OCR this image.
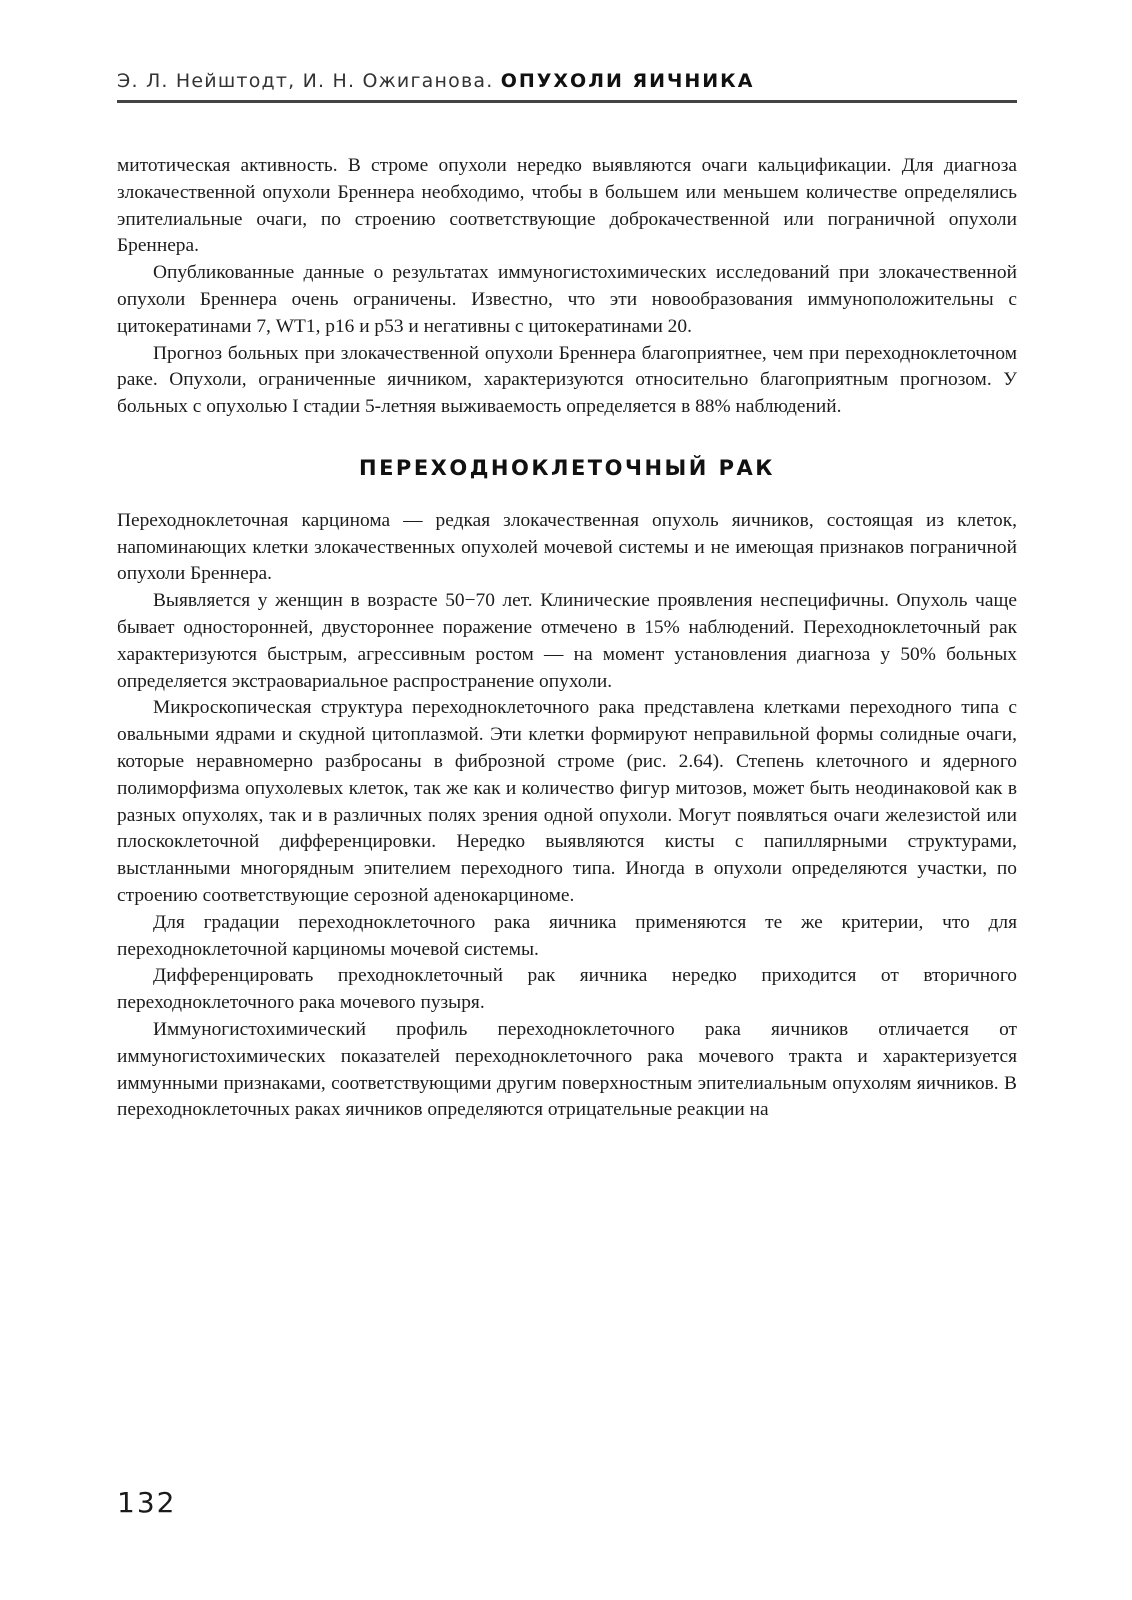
Э. Л. Нейштодт, И. Н. Ожиганова. ОПУХОЛИ ЯИЧНИКА

митотическая активность. В строме опухоли нередко выявляются очаги кальцификации. Для диагноза злокачественной опухоли Бреннера необходимо, чтобы в большем или меньшем количестве определялись эпителиальные очаги, по строению соответствующие доброкачественной или пограничной опухоли Бреннера.

Опубликованные данные о результатах иммуногистохимических исследований при злокачественной опухоли Бреннера очень ограничены. Известно, что эти новообразования иммуноположительны с цитокератинами 7, WT1, p16 и p53 и негативны с цитокератинами 20.

Прогноз больных при злокачественной опухоли Бреннера благоприятнее, чем при переходноклеточном раке. Опухоли, ограниченные яичником, характеризуются относительно благоприятным прогнозом. У больных с опухолью I стадии 5-летняя выживаемость определяется в 88% наблюдений.

ПЕРЕХОДНОКЛЕТОЧНЫЙ РАК

Переходноклеточная карцинома — редкая злокачественная опухоль яичников, состоящая из клеток, напоминающих клетки злокачественных опухолей мочевой системы и не имеющая признаков пограничной опухоли Бреннера.

Выявляется у женщин в возрасте 50−70 лет. Клинические проявления неспецифичны. Опухоль чаще бывает односторонней, двустороннее поражение отмечено в 15% наблюдений. Переходноклеточный рак характеризуются быстрым, агрессивным ростом — на момент установления диагноза у 50% больных определяется экстраовариальное распространение опухоли.

Микроскопическая структура переходноклеточного рака представлена клетками переходного типа с овальными ядрами и скудной цитоплазмой. Эти клетки формируют неправильной формы солидные очаги, которые неравномерно разбросаны в фиброзной строме (рис. 2.64). Степень клеточного и ядерного полиморфизма опухолевых клеток, так же как и количество фигур митозов, может быть неодинаковой как в разных опухолях, так и в различных полях зрения одной опухоли. Могут появляться очаги железистой или плоскоклеточной дифференцировки. Нередко выявляются кисты с папиллярными структурами, выстланными многорядным эпителием переходного типа. Иногда в опухоли определяются участки, по строению соответствующие серозной аденокарциноме.

Для градации переходноклеточного рака яичника применяются те же критерии, что для переходноклеточной карциномы мочевой системы.

Дифференцировать преходноклеточный рак яичника нередко приходится от вторичного переходноклеточного рака мочевого пузыря.

Иммуногистохимический профиль переходноклеточного рака яичников отличается от иммуногистохимических показателей переходноклеточного рака мочевого тракта и характеризуется иммунными признаками, соответствующими другим поверхностным эпителиальным опухолям яичников. В переходноклеточных раках яичников определяются отрицательные реакции на

132
